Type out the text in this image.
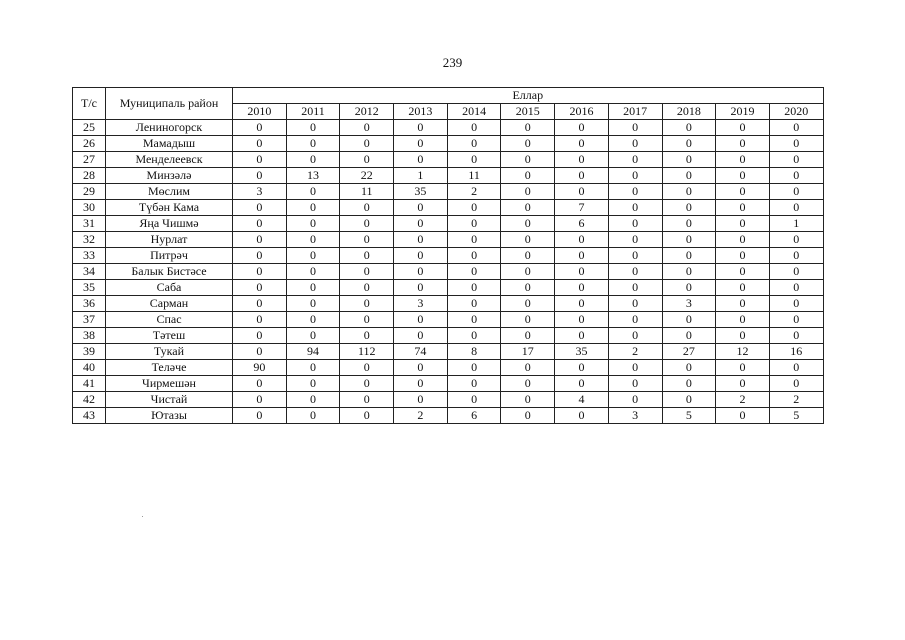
239
Т/с	Муниципаль район	Еллар										
		2010	2011	2012	2013	2014	2015	2016	2017	2018	2019	2020
25	Лениногорск	0	0	0	0	0	0	0	0	0	0	0
26	Мамадыш	0	0	0	0	0	0	0	0	0	0	0
27	Менделеевск	0	0	0	0	0	0	0	0	0	0	0
28	Минзәлә	0	13	22	1	11	0	0	0	0	0	0
29	Мөслим	3	0	11	35	2	0	0	0	0	0	0
30	Түбән Кама	0	0	0	0	0	0	7	0	0	0	0
31	Яңа Чишмә	0	0	0	0	0	0	6	0	0	0	1
32	Нурлат	0	0	0	0	0	0	0	0	0	0	0
33	Питрәч	0	0	0	0	0	0	0	0	0	0	0
34	Балык Бистәсе	0	0	0	0	0	0	0	0	0	0	0
35	Саба	0	0	0	0	0	0	0	0	0	0	0
36	Сарман	0	0	0	3	0	0	0	0	3	0	0
37	Спас	0	0	0	0	0	0	0	0	0	0	0
38	Тәтеш	0	0	0	0	0	0	0	0	0	0	0
39	Тукай	0	94	112	74	8	17	35	2	27	12	16
40	Теләче	90	0	0	0	0	0	0	0	0	0	0
41	Чирмешән	0	0	0	0	0	0	0	0	0	0	0
42	Чистай	0	0	0	0	0	0	4	0	0	2	2
43	Ютазы	0	0	0	2	6	0	0	3	5	0	5
